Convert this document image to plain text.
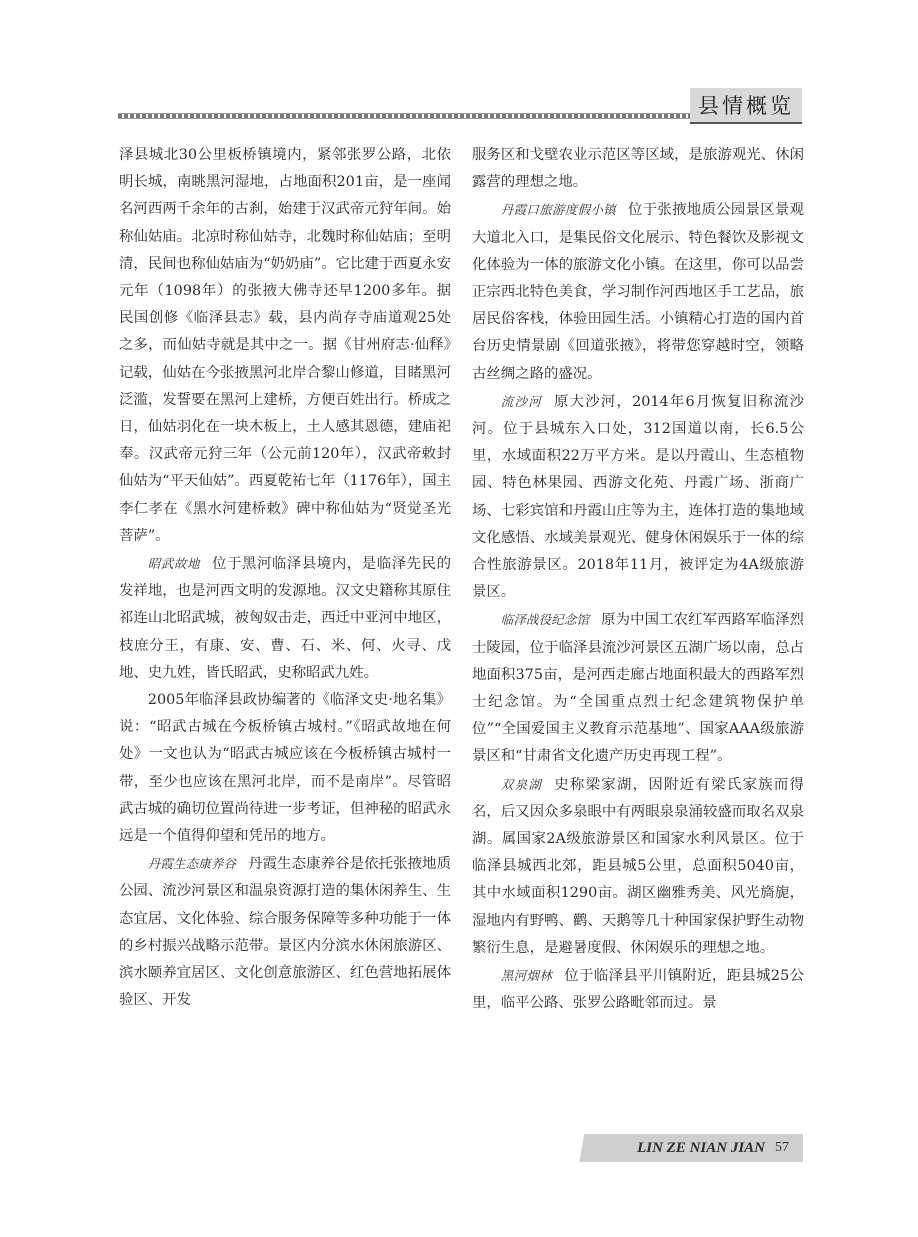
县情概览

泽县城北30公里板桥镇境内，紧邻张罗公路，北依明长城，南眺黑河湿地，占地面积201亩，是一座闻名河西两千余年的古刹，始建于汉武帝元狩年间。始称仙姑庙。北凉时称仙姑寺，北魏时称仙姑庙；至明清，民间也称仙姑庙为“奶奶庙”。它比建于西夏永安元年（1098年）的张掖大佛寺还早1200多年。据民国创修《临泽县志》载，县内尚存寺庙道观25处之多，而仙姑寺就是其中之一。据《甘州府志·仙释》记载，仙姑在今张掖黑河北岸合黎山修道，目睹黑河泛滥，发誓要在黑河上建桥，方便百姓出行。桥成之日，仙姑羽化在一块木板上，土人感其恩德，建庙祀奉。汉武帝元狩三年（公元前120年），汉武帝敕封仙姑为“平天仙姑”。西夏乾祐七年（1176年），国主李仁孝在《黑水河建桥敕》碑中称仙姑为“贤觉圣光菩萨”。

昭武故地 位于黑河临泽县境内，是临泽先民的发祥地，也是河西文明的发源地。汉文史籍称其原住祁连山北昭武城，被匈奴击走，西迁中亚河中地区，枝庶分王，有康、安、曹、石、米、何、火寻、戊地、史九姓，皆氏昭武，史称昭武九姓。

2005年临泽县政协编著的《临泽文史·地名集》说：“昭武古城在今板桥镇古城村。”《昭武故地在何处》一文也认为“昭武古城应该在今板桥镇古城村一带，至少也应该在黑河北岸，而不是南岸”。尽管昭武古城的确切位置尚待进一步考证，但神秘的昭武永远是一个值得仰望和凭吊的地方。

丹霞生态康养谷 丹霞生态康养谷是依托张掖地质公园、流沙河景区和温泉资源打造的集休闲养生、生态宜居、文化体验、综合服务保障等多种功能于一体的乡村振兴战略示范带。景区内分滨水休闲旅游区、滨水颐养宜居区、文化创意旅游区、红色营地拓展体验区、开发

服务区和戈壁农业示范区等区域，是旅游观光、休闲露营的理想之地。

丹霞口旅游度假小镇 位于张掖地质公园景区景观大道北入口，是集民俗文化展示、特色餐饮及影视文化体验为一体的旅游文化小镇。在这里，你可以品尝正宗西北特色美食，学习制作河西地区手工艺品，旅居民俗客栈，体验田园生活。小镇精心打造的国内首台历史情景剧《回道张掖》，将带您穿越时空，领略古丝绸之路的盛况。

流沙河 原大沙河，2014年6月恢复旧称流沙河。位于县城东入口处，312国道以南，长6.5公里，水域面积22万平方米。是以丹霞山、生态植物园、特色林果园、西游文化苑、丹霞广场、浙商广场、七彩宾馆和丹霞山庄等为主，连体打造的集地域文化感悟、水域美景观光、健身休闲娱乐于一体的综合性旅游景区。2018年11月，被评定为4A级旅游景区。

临泽战役纪念馆 原为中国工农红军西路军临泽烈士陵园，位于临泽县流沙河景区五湖广场以南，总占地面积375亩，是河西走廊占地面积最大的西路军烈士纪念馆。为“全国重点烈士纪念建筑物保护单位”“全国爱国主义教育示范基地”、国家AAA级旅游景区和“甘肃省文化遗产历史再现工程”。

双泉湖 史称梁家湖，因附近有梁氏家族而得名，后又因众多泉眼中有两眼泉泉涌较盛而取名双泉湖。属国家2A级旅游景区和国家水利风景区。位于临泽县城西北郊，距县城5公里，总面积5040亩，其中水域面积1290亩。湖区幽雅秀美、风光旖旎，湿地内有野鸭、鹳、天鹅等几十种国家保护野生动物繁衍生息，是避暑度假、休闲娱乐的理想之地。

黑河烟林 位于临泽县平川镇附近，距县城25公里，临平公路、张罗公路毗邻而过。景

LIN ZE NIAN JIAN 57
